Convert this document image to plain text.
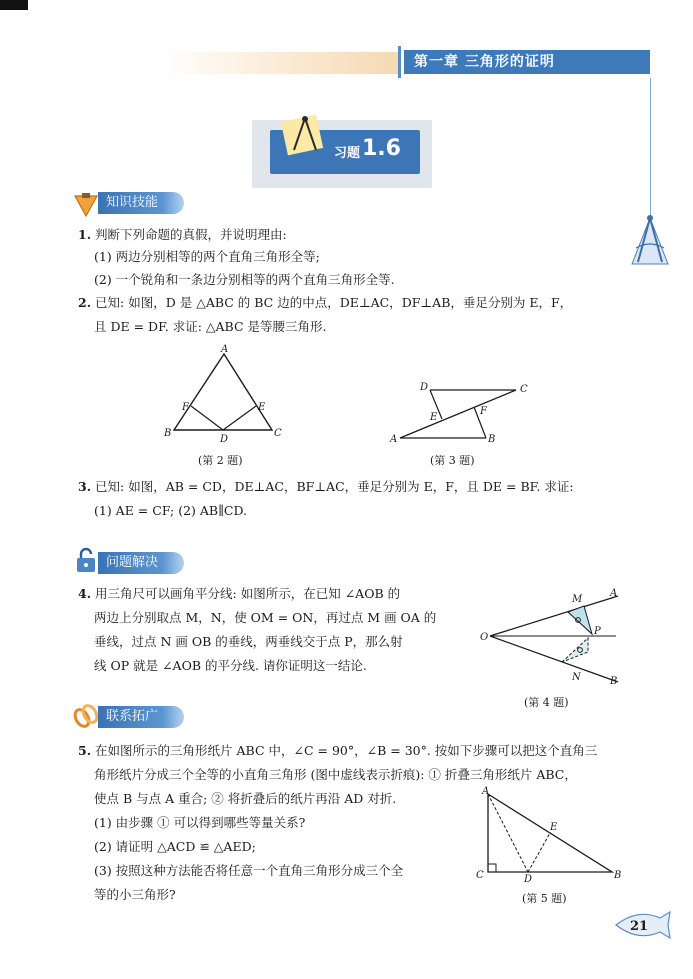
第一章 三角形的证明
习题 1.6
知识技能
1. 判断下列命题的真假，并说明理由:
(1) 两边分别相等的两个直角三角形全等;
(2) 一个锐角和一条边分别相等的两个直角三角形全等.
2. 已知: 如图，D 是 △ABC 的 BC 边的中点，DE⊥AC，DF⊥AB，垂足分别为 E，F，
且 DE = DF. 求证: △ABC 是等腰三角形.
A
B	C
D
E
F
(第 2 题)
D	C
A	B
E
F
(第 3 题)
3. 已知: 如图，AB = CD，DE⊥AC，BF⊥AC，垂足分别为 E，F，且 DE = BF. 求证:
(1) AE = CF; (2) AB∥CD.
问题解决
4. 用三角尺可以画角平分线: 如图所示，在已知 ∠AOB 的
两边上分别取点 M，N，使 OM = ON，再过点 M 画 OA 的
垂线，过点 N 画 OB 的垂线，两垂线交于点 P，那么射
线 OP 就是 ∠AOB 的平分线. 请你证明这一结论.
O
A
B
M
N
P
(第 4 题)
联系拓广
5. 在如图所示的三角形纸片 ABC 中，∠C = 90°，∠B = 30°. 按如下步骤可以把这个直角三
角形纸片分成三个全等的小直角三角形 (图中虚线表示折痕): ① 折叠三角形纸片 ABC，
使点 B 与点 A 重合; ② 将折叠后的纸片再沿 AD 对折.
(1) 由步骤 ① 可以得到哪些等量关系?
(2) 请证明 △ACD ≌ △AED;
(3) 按照这种方法能否将任意一个直角三角形分成三个全
等的小三角形?
A
C	B
D
E
(第 5 题)
21
